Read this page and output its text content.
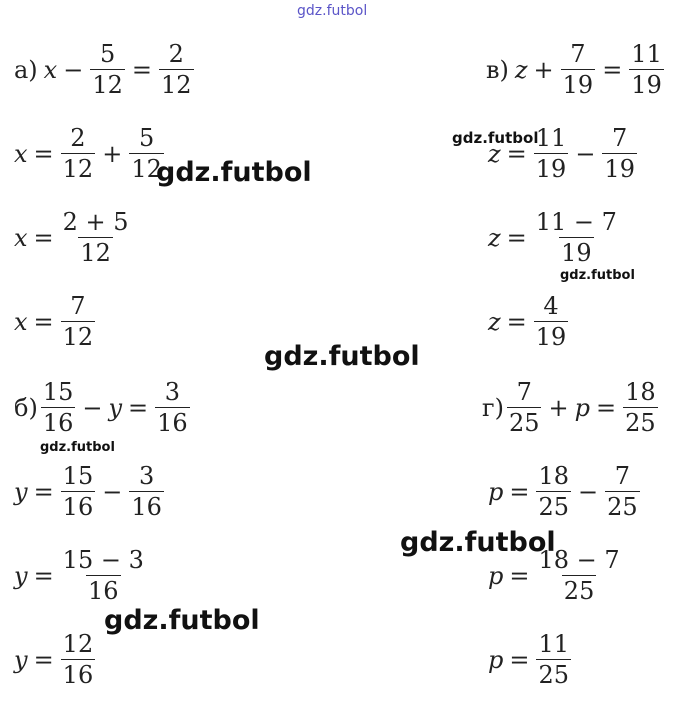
gdz.futbol
а) $x - \frac{5}{12} = \frac{2}{12}$
$x = \frac{2}{12} + \frac{5}{12}$
$x = \frac{2 + 5}{12}$
$x = \frac{7}{12}$
$б) \frac{15}{16} - y = \frac{3}{16}$
$y = \frac{15}{16} - \frac{3}{16}$
$y = \frac{15 - 3}{16}$
$y = \frac{12}{16}$
в) $z + \frac{7}{19} = \frac{11}{19}$
$z = \frac{11}{19} - \frac{7}{19}$
$z = \frac{11 - 7}{19}$
$z = \frac{4}{19}$
$г) \frac{7}{25} + p = \frac{18}{25}$
$p = \frac{18}{25} - \frac{7}{25}$
$p = \frac{18 - 7}{25}$
$p = \frac{11}{25}$
gdz.futbol
gdz.futbol
gdz.futbol
gdz.futbol
gdz.futbol
gdz.futbol
gdz.futbol
